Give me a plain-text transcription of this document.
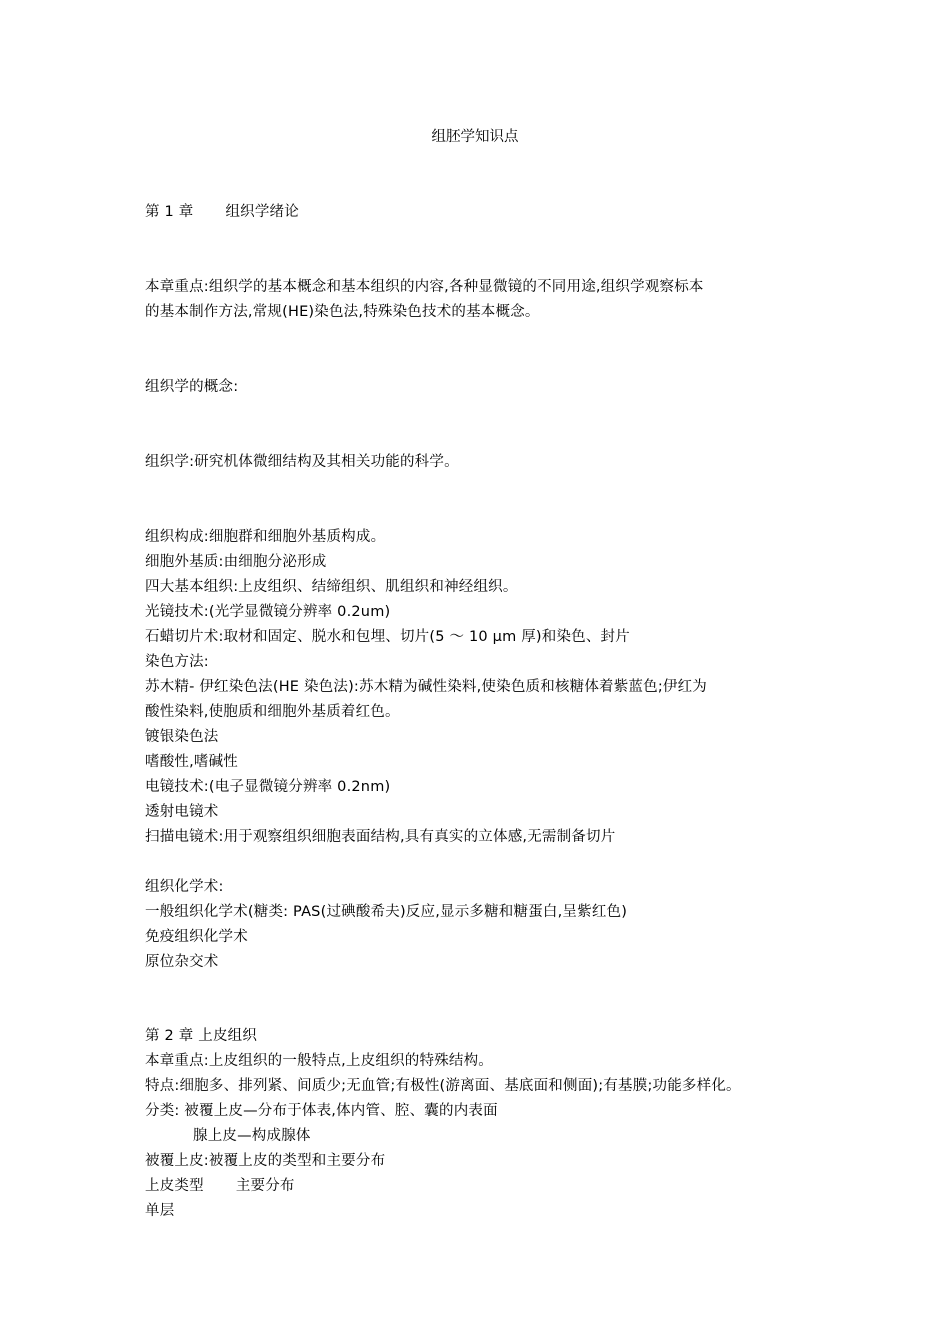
组胚学知识点
第 1 章 组织学绪论
本章重点:组织学的基本概念和基本组织的内容,各种显微镜的不同用途,组织学观察标本
的基本制作方法,常规(HE)染色法,特殊染色技术的基本概念。
组织学的概念:
组织学:研究机体微细结构及其相关功能的科学。
组织构成:细胞群和细胞外基质构成。
细胞外基质:由细胞分泌形成
四大基本组织:上皮组织、结缔组织、肌组织和神经组织。
光镜技术:(光学显微镜分辨率 0.2um)
石蜡切片术:取材和固定、脱水和包埋、切片(5 ～ 10 μm 厚)和染色、封片
染色方法:
苏木精- 伊红染色法(HE 染色法):苏木精为碱性染料,使染色质和核糖体着紫蓝色;伊红为
酸性染料,使胞质和细胞外基质着红色。
镀银染色法
嗜酸性,嗜碱性
电镜技术:(电子显微镜分辨率 0.2nm)
透射电镜术
扫描电镜术:用于观察组织细胞表面结构,具有真实的立体感,无需制备切片
组织化学术:
一般组织化学术(糖类: PAS(过碘酸希夫)反应,显示多糖和糖蛋白,呈紫红色)
免疫组织化学术
原位杂交术
第 2 章 上皮组织
本章重点:上皮组织的一般特点,上皮组织的特殊结构。
特点:细胞多、排列紧、间质少;无血管;有极性(游离面、基底面和侧面);有基膜;功能多样化。
分类: 被覆上皮—分布于体表,体内管、腔、囊的内表面
腺上皮—构成腺体
被覆上皮:被覆上皮的类型和主要分布
上皮类型 主要分布
单层
